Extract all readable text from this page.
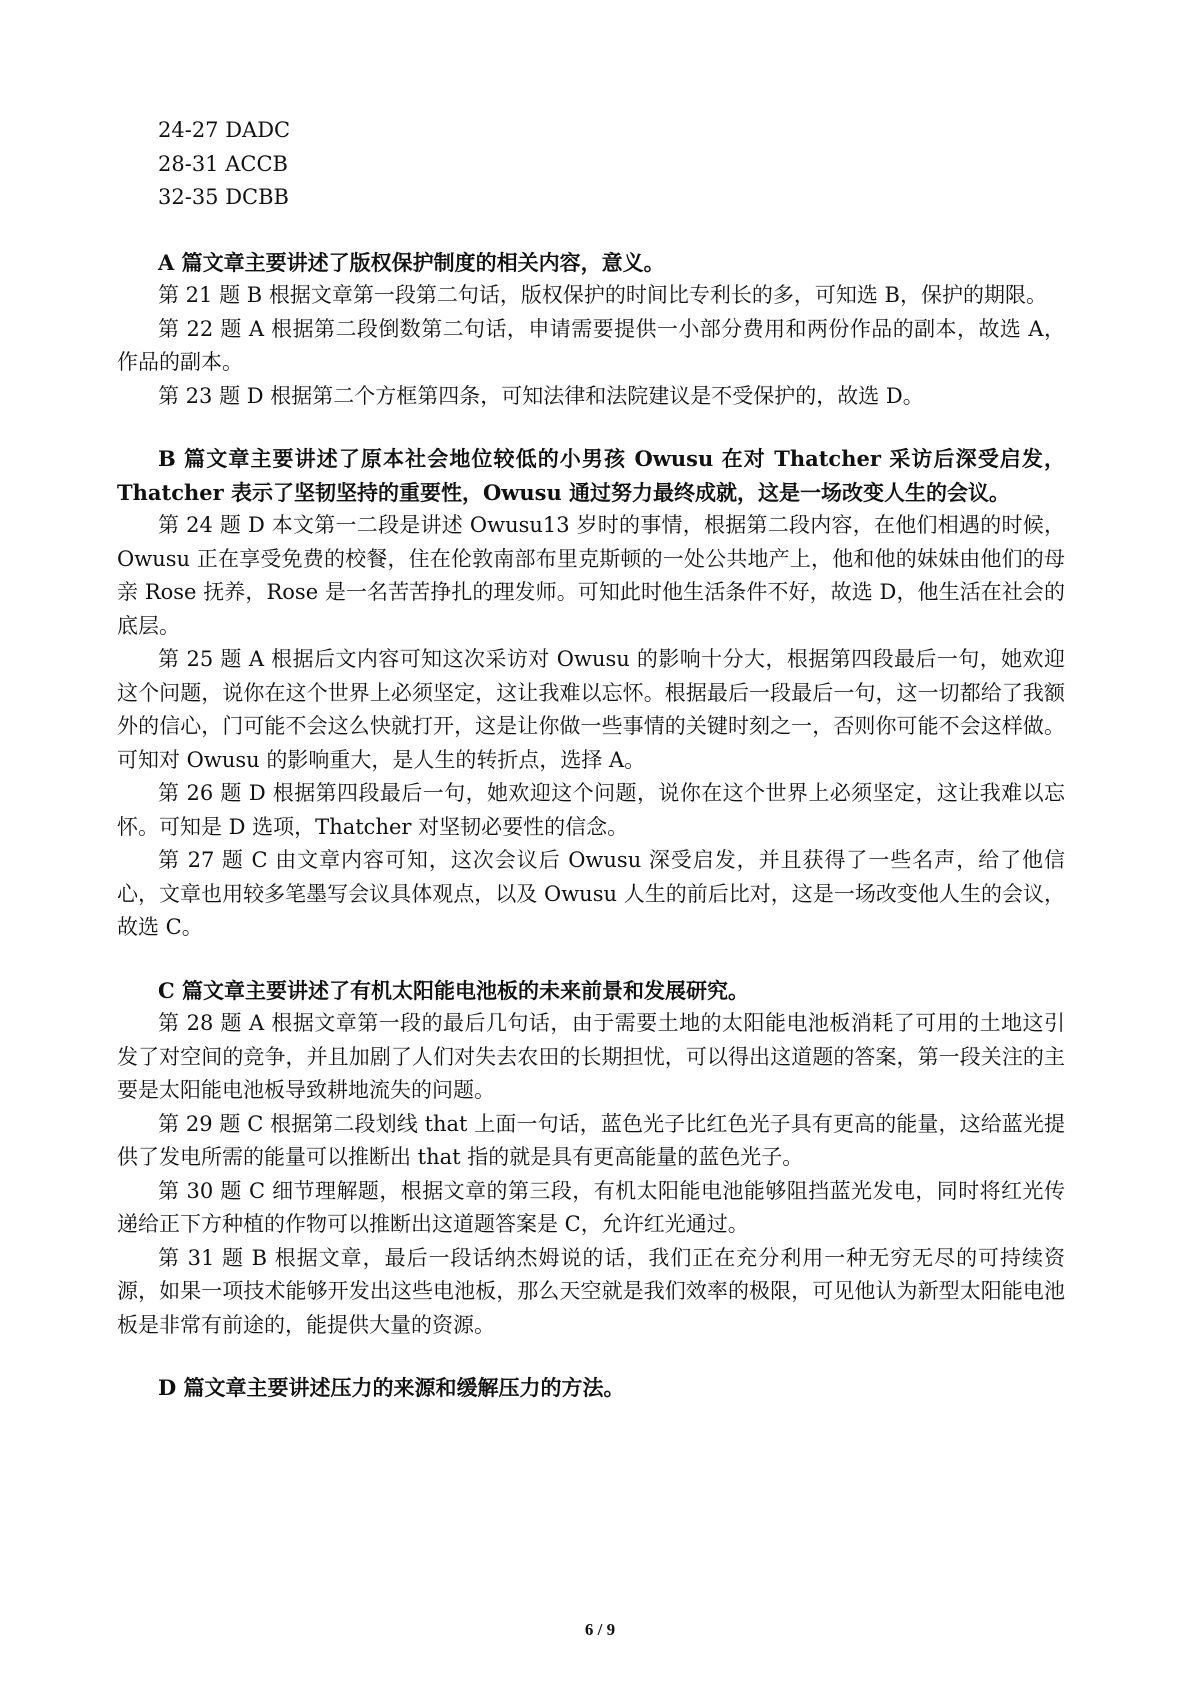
24-27 DADC
28-31 ACCB
32-35 DCBB

A 篇文章主要讲述了版权保护制度的相关内容，意义。

第 21 题 B 根据文章第一段第二句话，版权保护的时间比专利长的多，可知选 B，保护的期限。

第 22 题 A 根据第二段倒数第二句话，申请需要提供一小部分费用和两份作品的副本，故选 A，作品的副本。

第 23 题 D 根据第二个方框第四条，可知法律和法院建议是不受保护的，故选 D。

B 篇文章主要讲述了原本社会地位较低的小男孩 Owusu 在对 Thatcher 采访后深受启发，Thatcher 表示了坚韧坚持的重要性，Owusu 通过努力最终成就，这是一场改变人生的会议。

第 24 题 D 本文第一二段是讲述 Owusu13 岁时的事情，根据第二段内容，在他们相遇的时候，Owusu 正在享受免费的校餐，住在伦敦南部布里克斯顿的一处公共地产上，他和他的妹妹由他们的母亲 Rose 抚养，Rose 是一名苦苦挣扎的理发师。可知此时他生活条件不好，故选 D，他生活在社会的底层。

第 25 题 A 根据后文内容可知这次采访对 Owusu 的影响十分大，根据第四段最后一句，她欢迎这个问题，说你在这个世界上必须坚定，这让我难以忘怀。根据最后一段最后一句，这一切都给了我额外的信心，门可能不会这么快就打开，这是让你做一些事情的关键时刻之一，否则你可能不会这样做。可知对 Owusu 的影响重大，是人生的转折点，选择 A。

第 26 题 D 根据第四段最后一句，她欢迎这个问题，说你在这个世界上必须坚定，这让我难以忘怀。可知是 D 选项，Thatcher 对坚韧必要性的信念。

第 27 题 C 由文章内容可知，这次会议后 Owusu 深受启发，并且获得了一些名声，给了他信心，文章也用较多笔墨写会议具体观点，以及 Owusu 人生的前后比对，这是一场改变他人生的会议，故选 C。

C 篇文章主要讲述了有机太阳能电池板的未来前景和发展研究。

第 28 题 A 根据文章第一段的最后几句话，由于需要土地的太阳能电池板消耗了可用的土地这引发了对空间的竞争，并且加剧了人们对失去农田的长期担忧，可以得出这道题的答案，第一段关注的主要是太阳能电池板导致耕地流失的问题。

第 29 题 C 根据第二段划线 that 上面一句话，蓝色光子比红色光子具有更高的能量，这给蓝光提供了发电所需的能量可以推断出 that 指的就是具有更高能量的蓝色光子。

第 30 题 C 细节理解题，根据文章的第三段，有机太阳能电池能够阻挡蓝光发电，同时将红光传递给正下方种植的作物可以推断出这道题答案是 C，允许红光通过。

第 31 题 B 根据文章，最后一段话纳杰姆说的话，我们正在充分利用一种无穷无尽的可持续资源，如果一项技术能够开发出这些电池板，那么天空就是我们效率的极限，可见他认为新型太阳能电池板是非常有前途的，能提供大量的资源。

D 篇文章主要讲述压力的来源和缓解压力的方法。

6 / 9
